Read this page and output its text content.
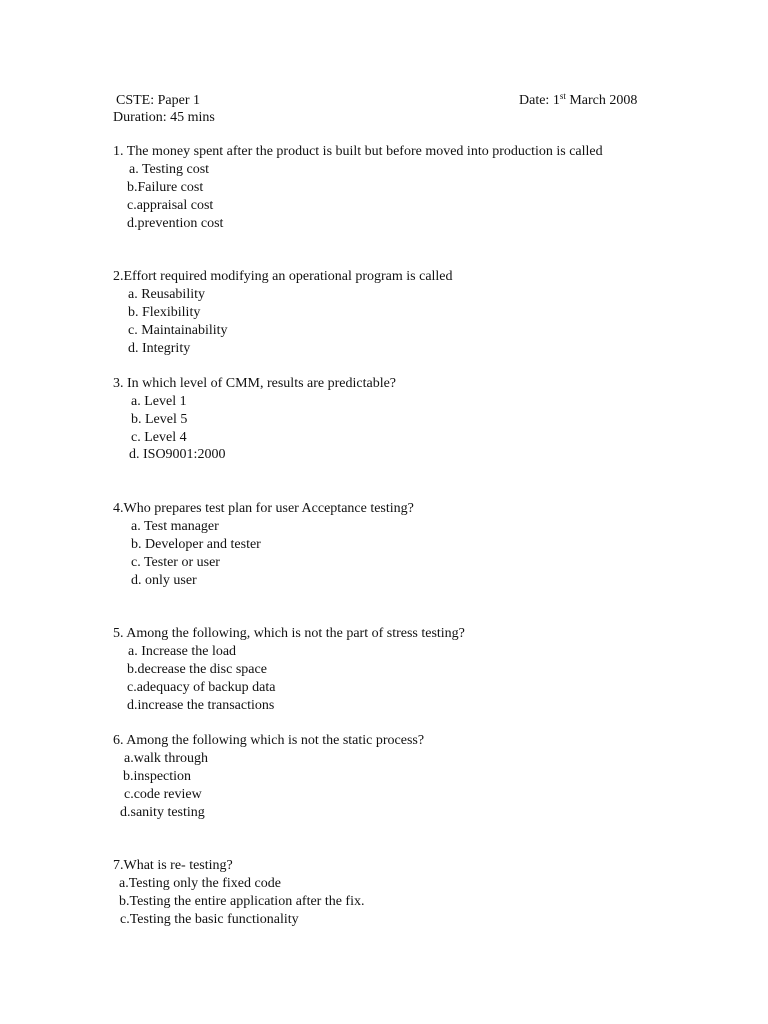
CSTE: Paper 1	Date: 1st March 2008
Duration: 45 mins
1. The money spent after the product is built but before moved into production is called
a. Testing cost
b.Failure cost
c.appraisal cost
d.prevention cost
2.Effort required modifying an operational program is called
a. Reusability
b. Flexibility
c. Maintainability
d. Integrity
3. In which level of CMM, results are predictable?
a. Level 1
b. Level 5
c. Level 4
d. ISO9001:2000
4.Who prepares test plan for user Acceptance testing?
a. Test manager
b. Developer and tester
c. Tester or user
d. only user
5. Among the following, which is not the part of stress testing?
a. Increase the load
b.decrease the disc space
c.adequacy of backup data
d.increase the transactions
6. Among the following which is not the static process?
a.walk through
b.inspection
c.code review
d.sanity testing
7.What is re- testing?
a.Testing only the fixed code
b.Testing the entire application after the fix.
c.Testing the basic functionality
